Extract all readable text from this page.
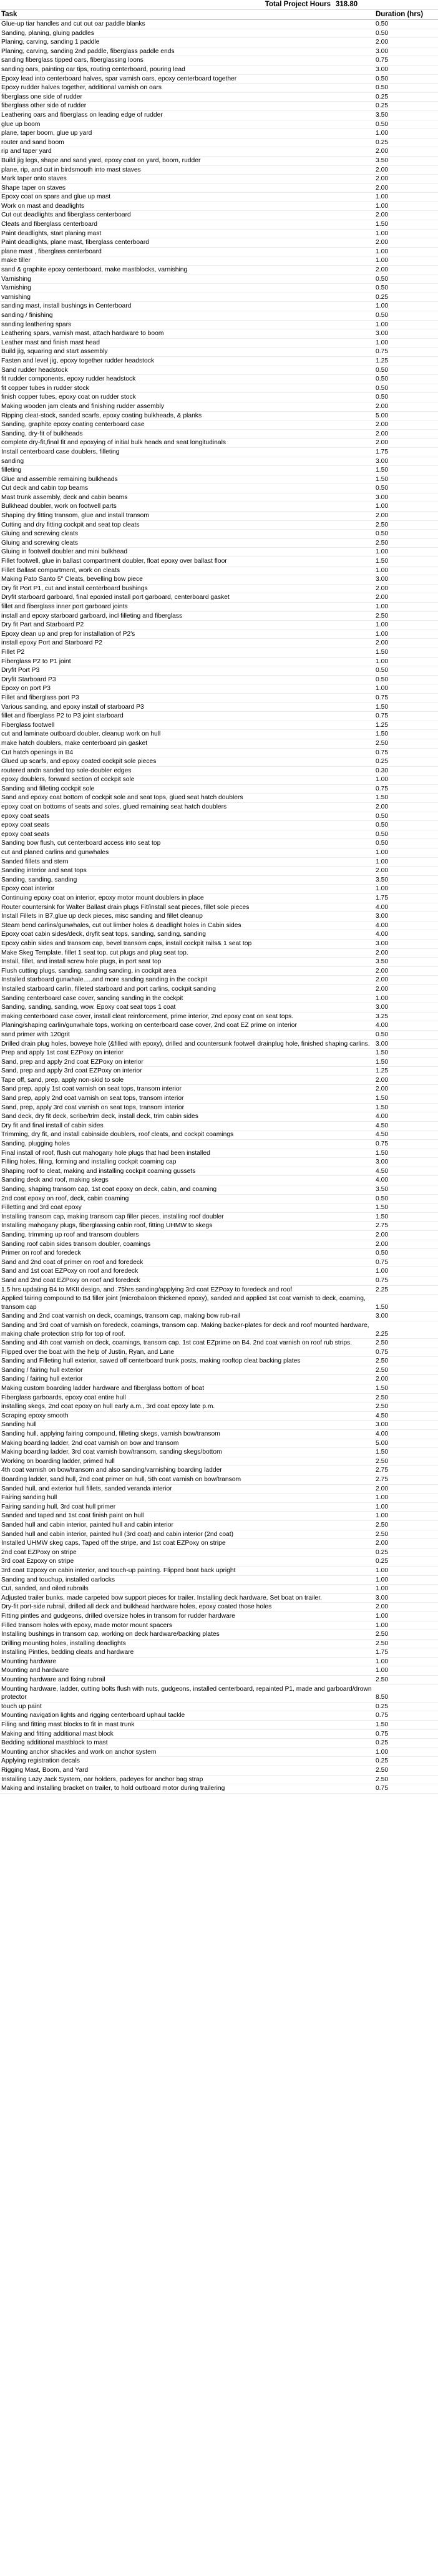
Total Project Hours 318.80
Task	Duration (hrs)
Glue-up tiar handles and cut out oar paddle blanks	0.50
Sanding, planing, gluing paddles	0.50
Planing, carving, sanding 1 paddle	2.00
Planing, carving, sanding 2nd paddle, fiberglass paddle ends	3.00
sanding fiberglass tipped oars, fiberglassing loons	0.75
sanding oars, painting oar tips, routing centerboard, pouring lead	3.00
Epoxy lead into centerboard halves, spar varnish oars, epoxy centerboard together	0.50
Epoxy rudder halves together, additional varnish on oars	0.50
fiberglass one side of rudder	0.25
fiberglass other side of rudder	0.25
Leathering oars and fiberglass on leading edge of rudder	3.50
glue up boom	0.50
plane, taper boom, glue up yard	1.00
router and sand boom	0.25
rip and taper yard	2.00
Build jig legs, shape and sand yard, epoxy coat on yard, boom, rudder	3.50
plane, rip, and cut in birdsmouth into mast staves	2.00
Mark taper onto staves	2.00
Shape taper on staves	2.00
Epoxy coat on spars and glue up mast	1.00
Work on mast and deadlights	1.00
Cut out deadlights and fiberglass centerboard	2.00
Cleats and fiberglass centerboard	1.50
Paint deadlights, start planing mast	1.00
Paint deadlights, plane mast, fiberglass centerboard	2.00
plane mast , fiberglass centerboard	1.00
make tiller	1.00
sand & graphite epoxy centerboard, make mastblocks, varnishing	2.00
Varnishing	0.50
Varnishing	0.50
varnishing	0.25
sanding mast, install bushings in Centerboard	1.00
sanding / finishing	0.50
sanding leathering spars	1.00
Leathering spars, varnish mast, attach hardware to boom	3.00
Leather mast and finish mast head	1.00
Build jig, squaring and start assembly	0.75
Fasten and level jig, epoxy together rudder headstock	1.25
Sand rudder headstock	0.50
fit rudder components, epoxy rudder headstock	0.50
fit copper tubes in rudder stock	0.50
finish copper tubes, epoxy coat on rudder stock	0.50
Making wooden jam cleats and finishing rudder assembly	2.00
Ripping cleat-stock, sanded scarfs, epoxy coating bulkheads, & planks	5.00
Sanding, graphite epoxy coating centerboard case	2.00
Sanding, dry-fit of bulkheads	2.00
complete dry-fit,final fit and epoxying of initial bulk heads and seat longitudinals	2.00
Install centerboard case doublers, filleting	1.75
sanding	3.00
filleting	1.50
Glue and assemble remaining bulkheads	1.50
Cut deck and cabin top beams	0.50
Mast trunk assembly, deck and cabin beams	3.00
Bulkhead doubler, work on footwell parts	1.00
Shaping dry fitting transom, glue and install transom	2.00
Cutting and dry fitting cockpit and seat top cleats	2.50
Gluing and screwing cleats	0.50
Gluing and screwing cleats	2.50
Gluing in footwell doubler and mini bulkhead	1.00
Fillet footwell, glue in ballast compartment doubler, float epoxy over ballast floor	1.50
Fillet Ballast compartment, work on cleats	1.00
Making Pato Santo 5" Cleats, bevelling bow piece	3.00
Dry fit Port P1, cut and install centerboard bushings	2.00
Dryfit starboard garboard, final epoxied install port garboard, centerboard gasket	2.00
fillet and fiberglass inner port garboard joints	1.00
install and epoxy starboard garboard, incl filleting and fiberglass	2.50
Dry fit Part and Starboard P2	1.00
Epoxy clean up and prep for installation of P2's	1.00
install epoxy Port and Starboard P2	2.00
Fillet P2	1.50
Fiberglass P2 to P1 joint	1.00
Dryfit Port P3	0.50
Dryfit Starboard P3	0.50
Epoxy on port P3	1.00
Fillet and fiberglass port P3	0.75
Various sanding, and epoxy install of starboard P3	1.50
fillet and fiberglass P2 to P3 joint starboard	0.75
Fiberglass footwell	1.25
cut and laminate outboard doubler, cleanup work on hull	1.50
make hatch doublers, make centerboard pin gasket	2.50
Cut hatch openings in B4	0.75
Glued up scarfs, and epoxy coated cockpit sole pieces	0.25
routered andn sanded top sole-doubler edges	0.30
epoxy doublers, forward section of cockpit sole	1.00
Sanding and filleting cockpit sole	0.75
Sand and epoxy coat bottom of cockpit sole and seat tops, glued seat hatch doublers	1.50
epoxy coat on bottoms of seats and soles, glued remaining seat hatch doublers	2.00
epoxy coat seats	0.50
epoxy coat seats	0.50
epoxy coat seats	0.50
Sanding bow flush, cut centerboard access into seat top	0.50
cut and planed carlins and gunwhales	1.00
Sanded fillets and stern	1.00
Sanding interior and seat tops	2.00
Sanding, sanding, sanding	3.50
Epoxy coat interior	1.00
Continuing epoxy coat on interior, epoxy motor mount doublers in place	1.75
Router countersink for Walter Ballast drain plugs Fit/install seat pieces, fillet sole pieces	4.00
Install Fillets in B7,glue up deck pieces, misc sanding and fillet cleanup	3.00
Steam bend carlins/gunwhales, cut out limber holes & deadlight holes in Cabin sides	4.00
Epoxy coat cabin sides/deck, dryfit seat tops, sanding, sanding, sanding	4.00
Epoxy cabin sides and transom cap, bevel transom caps, install cockpit rails& 1 seat top	3.00
Make Skeg Template, fillet 1 seat top, cut plugs and plug seat top.	2.00
Install, fillet, and install screw hole plugs, in port seat top	3.50
Flush cutting plugs, sanding, sanding sanding, in cockpit area	2.00
Installed starboard gunwhale.....and more sanding sanding in the cockpit	2.00
Installed starboard carlin, filleted starboard and port carlins, cockpit sanding	2.00
Sanding centerboard case cover, sanding sanding in the cockpit	1.00
Sanding, sanding, sanding, wow. Epoxy coat seat tops 1 coat	3.00
making centerboard case cover, install cleat reinforcement, prime interior, 2nd epoxy coat on seat tops.	3.25
Planing/shaping carlin/gunwhale tops, working on centerboard case cover, 2nd coat EZ prime on interior	4.00
sand primer with 120grit	0.50
Drilled drain plug holes, boweye hole (&filled with epoxy), drilled and countersunk footwell drainplug hole, finished shaping carlins. 3.00
Prep and apply 1st coat EZPoxy on interior	1.50
Sand, prep and apply 2nd coat EZPoxy on interior	1.50
Sand, prep and apply 3rd coat EZPoxy on interior	1.25
Tape off, sand, prep, apply non-skid to sole	2.00
Sand prep, apply 1st coat varnish on seat tops, transom interior	2.00
Sand prep, apply 2nd coat varnish on seat tops, transom interior	1.50
Sand, prep, apply 3rd coat varnish on seat tops, transom interior	1.50
Sand deck, dry fit deck, scribe/trim deck, install deck, trim cabin sides	4.00
Dry fit and final install of cabin sides	4.50
Trimming, dry fit, and install cabinside doublers, roof cleats, and cockpit coamings	4.50
Sanding, plugging holes	0.75
Final install of roof, flush cut mahogany hole plugs that had been installed	1.50
Filling holes, filing, forming and installing cockpit coaming cap	3.00
Shaping roof to cleat, making and installing cockpit coaming gussets	4.50
Sanding deck and roof, making skegs	4.00
Sanding, shaping transom cap, 1st coat epoxy on deck, cabin, and coaming	3.50
2nd coat epoxy on roof, deck, cabin coaming	0.50
Filletting and 3rd coat epoxy	1.50
Installing transom cap, making transom cap filler pieces, installing roof doubler	1.50
Installing mahogany plugs, fiberglassing cabin roof, fitting UHMW to skegs	2.75
Sanding, trimming up roof and transom doublers	2.00
Sanding roof cabin sides transom doubler, coamings	2.00
Primer on roof and foredeck	0.50
Sand and 2nd coat of primer on roof and foredeck	0.75
Sand and 1st coat EZPoxy on roof and foredeck	1.00
Sand and 2nd coat EZPoxy on roof and foredeck	0.75
1.5 hrs updating B4 to MKII design, and .75hrs sanding/applying 3rd coat EZPoxy to foredeck and roof	2.25
Applied fairing compound to B4 filler joint (microbaloon thickened epoxy), sanded and applied 1st coat varnish to deck, coaming, transom cap	1.50
Sanding and 2nd coat varnish on deck, coamings, transom cap, making bow rub-rail	3.00
Sanding and 3rd coat of varnish on foredeck, coamings, transom cap. Making backer-plates for deck and roof mounted hardware, making chafe protection strip for top of roof.	2.25
Sanding and 4th coat varnish on deck, coamings, transom cap. 1st coat EZprime on B4. 2nd coat varnish on roof rub strips.	2.50
Flipped over the boat with the help of Justin, Ryan, and Lane	0.75
Sanding and Filleting hull exterior, sawed off centerboard trunk posts, making rooftop cleat backing plates	2.50
Sanding / fairing hull exterior	2.50
Sanding / fairing hull exterior	2.00
Making custom boarding ladder hardware and fiberglass bottom of boat	1.50
Fiberglass garboards, epoxy coat entire hull	2.50
installing skegs, 2nd coat epoxy on hull early a.m., 3rd coat epoxy late p.m.	2.50
Scraping epoxy smooth	4.50
Sanding hull	3.00
Sanding hull, applying fairing compound, filleting skegs, varnish bow/transom	4.00
Making boarding ladder, 2nd coat varnish on bow and transom	5.00
Making boarding ladder, 3rd coat varnish bow/transom, sanding skegs/bottom	1.50
Working on boarding ladder, primed hull	2.50
4th coat varnish on bow/transom and also sanding/varnishing boarding ladder	2.75
Boarding ladder, sand hull, 2nd coat primer on hull, 5th coat varnish on bow/transom	2.75
Sanded hull, and exterior hull fillets, sanded veranda interior	2.00
Fairing sanding hull	1.00
Fairing sanding hull, 3rd coat hull primer	1.00
Sanded and taped and 1st coat finish paint on hull	1.00
Sanded hull and cabin interior, painted hull and cabin interior	2.50
Sanded hull and cabin interior, painted hull (3rd coat) and cabin interior (2nd coat)	2.50
Installed UHMW skeg caps, Taped off the stripe, and 1st coat EZPoxy on stripe	2.00
2nd coat EZPoxy on stripe	0.25
3rd coat Ezpoxy on stripe	0.25
3rd coat Ezpoxy on cabin interior, and touch-up painting. Flipped boat back upright	1.00
Sanding and touchup, installed oarlocks	1.00
Cut, sanded, and oiled rubrails	1.00
Adjusted trailer bunks, made carpeted bow support pieces for trailer. Installing deck hardware, Set boat on trailer.	3.00
Dry-fit port-side rubrail, drilled all deck and bulkhead hardware holes, epoxy coated those holes	2.00
Fitting pintles and gudgeons, drilled oversize holes in transom for rudder hardware	1.00
Filled transom holes with epoxy, made motor mount spacers	1.00
Installing bushings in transom cap, working on deck hardware/backing plates	2.50
Drilling mounting holes, installing deadlights	2.50
Installing Pintles, bedding cleats and hardware	1.75
Mounting hardware	1.00
Mounting and hardware	1.00
Mounting hardware and fixing rubrail	2.50
Mounting hardware, ladder, cutting bolts flush with nuts, gudgeons, installed centerboard, repainted P1, made and garboard/drown protector	8.50
touch up paint	0.25
Mounting navigation lights and rigging centerboard uphaul tackle	0.75
Filing and fitting mast blocks to fit in mast trunk	1.50
Making and fitting additional mast block	0.75
Bedding additional mastblock to mast	0.25
Mounting anchor shackles and work on anchor system	1.00
Applying registration decals	0.25
Rigging Mast, Boom, and Yard	2.50
Installing Lazy Jack System, oar holders, padeyes for anchor bag strap	2.50
Making and installing bracket on trailer, to hold outboard motor during trailering	0.75
